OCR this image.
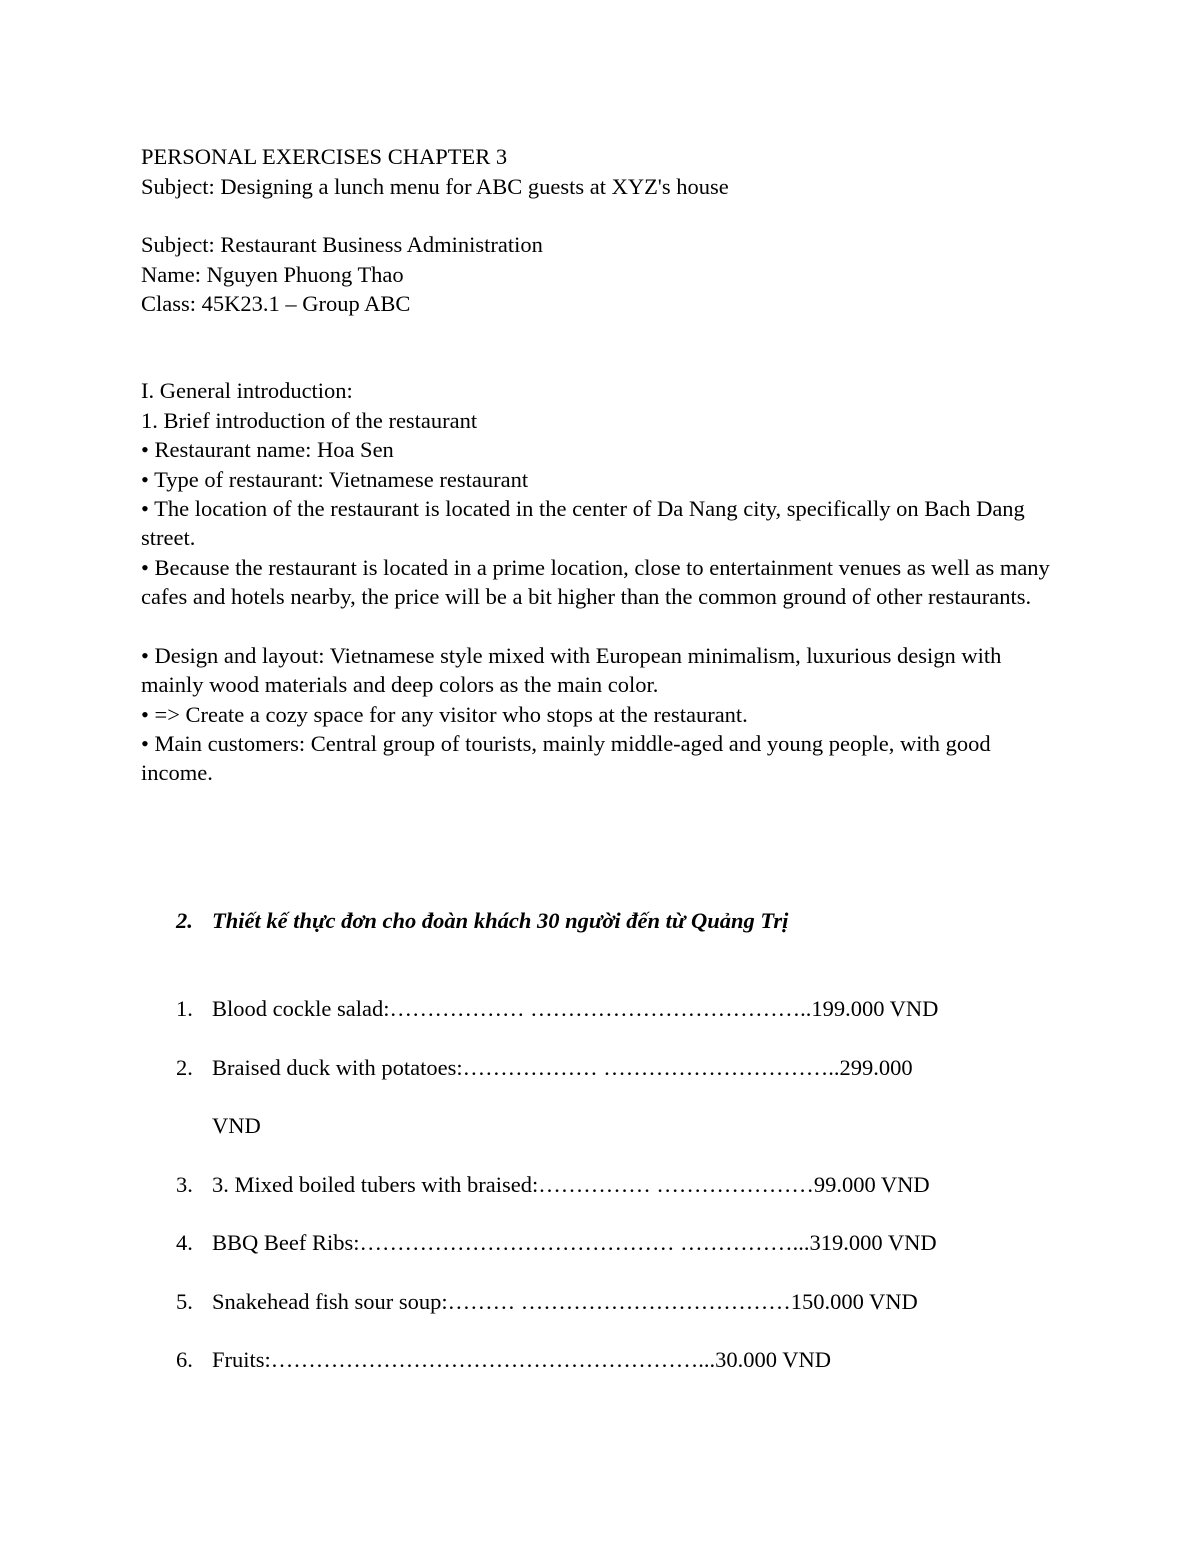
PERSONAL EXERCISES CHAPTER 3
Subject: Designing a lunch menu for ABC guests at XYZ's house
Subject: Restaurant Business Administration
Name: Nguyen Phuong Thao
Class: 45K23.1 – Group ABC
I. General introduction:
1. Brief introduction of the restaurant
• Restaurant name: Hoa Sen
• Type of restaurant: Vietnamese restaurant
• The location of the restaurant is located in the center of Da Nang city, specifically on Bach Dang street.
• Because the restaurant is located in a prime location, close to entertainment venues as well as many cafes and hotels nearby, the price will be a bit higher than the common ground of other restaurants.
• Design and layout: Vietnamese style mixed with European minimalism, luxurious design with mainly wood materials and deep colors as the main color.
• => Create a cozy space for any visitor who stops at the restaurant.
• Main customers: Central group of tourists, mainly middle-aged and young people, with good income.
2. Thiết kế thực đơn cho đoàn khách 30 người đến từ Quảng Trị
1. Blood cockle salad:……………… ………………………………..199.000 VND
2. Braised duck with potatoes:……………… …………………………..299.000
VND
3. 3. Mixed boiled tubers with braised:…………… …………………99.000 VND
4. BBQ Beef Ribs:…………………………………… ……………...319.000 VND
5. Snakehead fish sour soup:……… ………………………………150.000 VND
6. Fruits:…………………………………………………...30.000 VND
